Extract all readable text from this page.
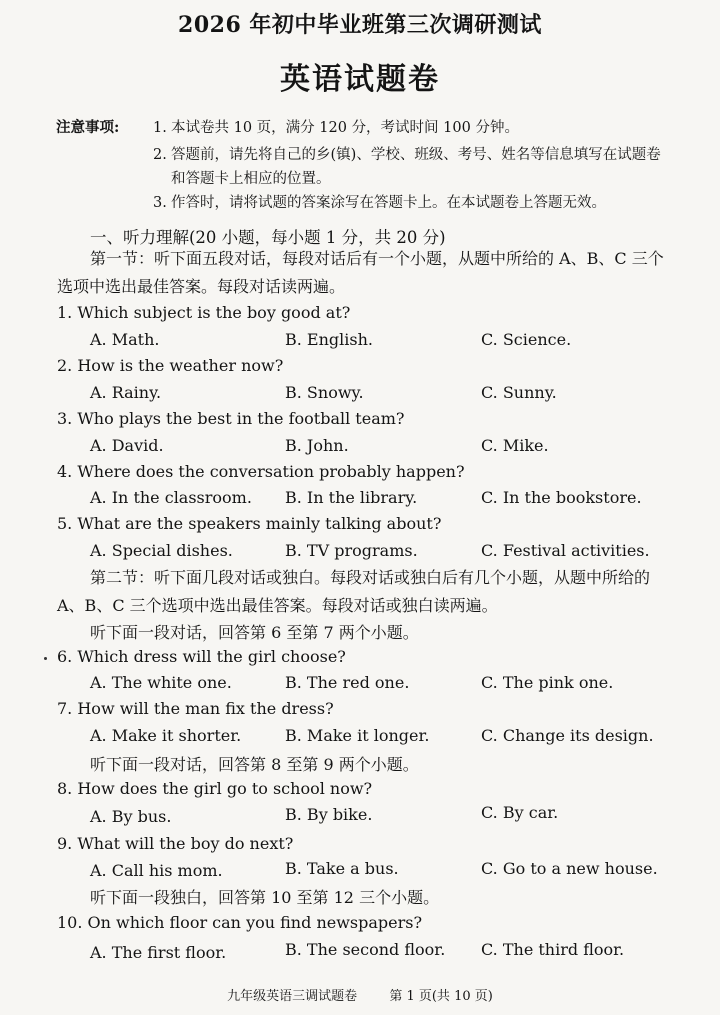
2026 年初中毕业班第三次调研测试
英语试题卷
注意事项: 1. 本试卷共 10 页，满分 120 分，考试时间 100 分钟。
2. 答题前，请先将自己的乡(镇)、学校、班级、考号、姓名等信息填写在试题卷和答题卡上相应的位置。
3. 作答时，请将试题的答案涂写在答题卡上。在本试题卷上答题无效。
一、听力理解(20 小题，每小题 1 分，共 20 分)
第一节：听下面五段对话，每段对话后有一个小题，从题中所给的 A、B、C 三个选项中选出最佳答案。每段对话读两遍。
1. Which subject is the boy good at?
A. Math.	B. English.	C. Science.
2. How is the weather now?
A. Rainy.	B. Snowy.	C. Sunny.
3. Who plays the best in the football team?
A. David.	B. John.	C. Mike.
4. Where does the conversation probably happen?
A. In the classroom. B. In the library.	C. In the bookstore.
5. What are the speakers mainly talking about?
A. Special dishes.	B. TV programs.	C. Festival activities.
第二节：听下面几段对话或独白。每段对话或独白后有几个小题，从题中所给的 A、B、C 三个选项中选出最佳答案。每段对话或独白读两遍。
听下面一段对话，回答第 6 至第 7 两个小题。
6. Which dress will the girl choose?
A. The white one.	B. The red one.	C. The pink one.
7. How will the man fix the dress?
A. Make it shorter.	B. Make it longer.	C. Change its design.
听下面一段对话，回答第 8 至第 9 两个小题。
8. How does the girl go to school now?
A. By bus.	B. By bike.	C. By car.
9. What will the boy do next?
A. Call his mom.	B. Take a bus.	C. Go to a new house.
听下面一段独白，回答第 10 至第 12 三个小题。
10. On which floor can you find newspapers?
A. The first floor.	B. The second floor. C. The third floor.
九年级英语三调试题卷 第 1 页(共 10 页)
